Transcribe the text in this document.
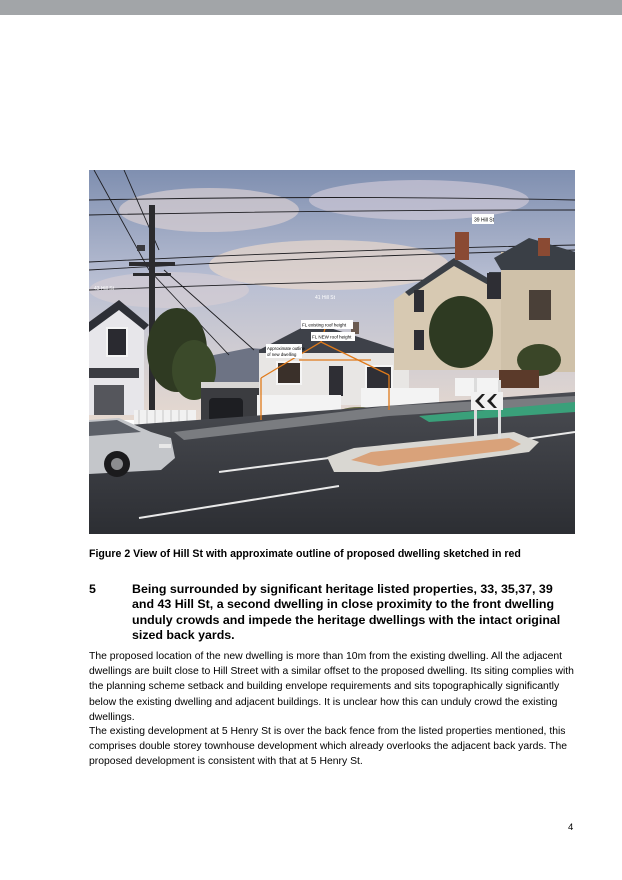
39 Hill St
41 Hill St
43 Hill St
FL existing roof height
FL NEW roof height
Approximate outline
of new dwelling
Figure 2 View of Hill St with approximate outline of proposed dwelling sketched in red
5	Being surrounded by significant heritage listed properties, 33, 35,37, 39 and 43 Hill St, a second dwelling in close proximity to the front dwelling unduly crowds and impede the heritage dwellings with the intact original sized back yards.

The proposed location of the new dwelling is more than 10m from the existing dwelling. All the adjacent dwellings are built close to Hill Street with a similar offset to the proposed dwelling. Its siting complies with the planning scheme setback and building envelope requirements and sits topographically significantly below the existing dwelling and adjacent buildings. It is unclear how this can unduly crowd the existing dwellings.

The existing development at 5 Henry St is over the back fence from the listed properties mentioned, this comprises double storey townhouse development which already overlooks the adjacent back yards. The proposed development is consistent with that at 5 Henry St.

4
